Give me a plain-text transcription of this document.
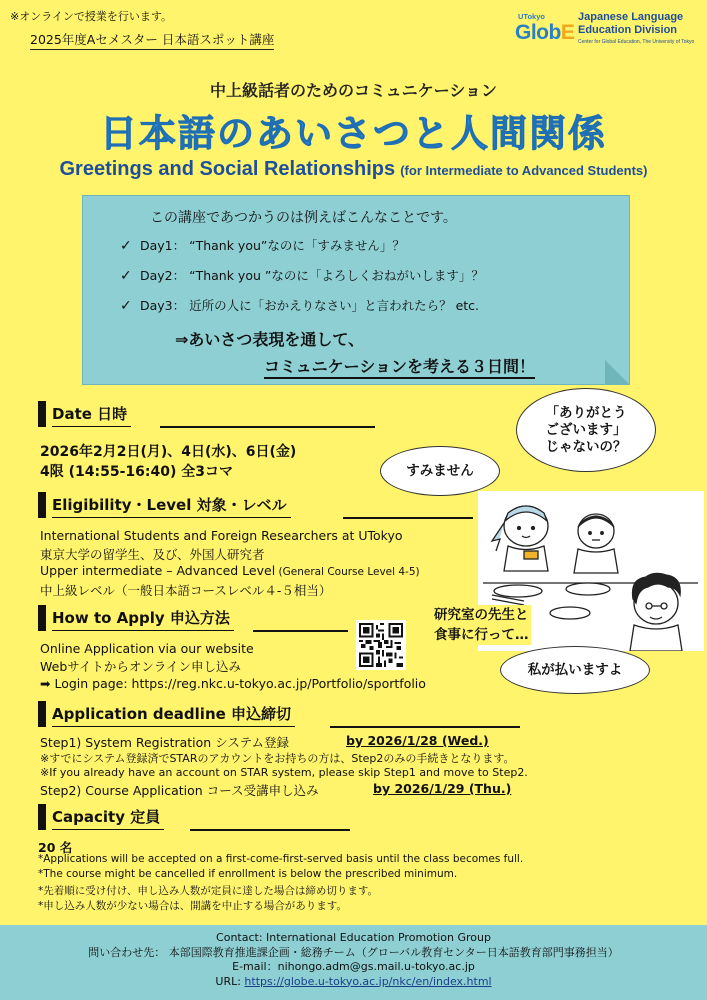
※オンラインで授業を行います。
2025年度Aセメスター 日本語スポット講座
UTokyo
GlobE
Japanese Language
Education Division
Center for Global Education, The University of Tokyo
中上級話者のためのコミュニケーション
日本語のあいさつと人間関係
Greetings and Social Relationships (for Intermediate to Advanced Students)
この講座であつかうのは例えばこんなことです。
✓ Day1： “Thank you”なのに「すみません」？
✓ Day2： “Thank you ”なのに「よろしくおねがいします」？
✓ Day3： 近所の人に「おかえりなさい」と言われたら？ etc.
⇒あいさつ表現を通して、
コミュニケーションを考える３日間！
Date 日時
2026年2月2日(月)、4日(水)、6日(金)
4限 (14:55-16:40) 全3コマ
Eligibility・Level 対象・レベル
International Students and Foreign Researchers at UTokyo
東京大学の留学生、及び、外国人研究者
Upper intermediate – Advanced Level (General Course Level 4-5)
中上級レベル（一般日本語コースレベル４-５相当）
How to Apply 申込方法
Online Application via our website
Webサイトからオンライン申し込み
➡ Login page: https://reg.nkc.u-tokyo.ac.jp/Portfolio/sportfolio
Application deadline 申込締切
Step1) System Registration システム登録	by 2026/1/28 (Wed.)
※すでにシステム登録済でSTARのアカウントをお持ちの方は、Step2のみの手続きとなります。
※If you already have an account on STAR system, please skip Step1 and move to Step2.
Step2) Course Application コース受講申し込み	by 2026/1/29 (Thu.)
Capacity 定員
20 名
*Applications will be accepted on a first-come-first-served basis until the class becomes full.
*The course might be cancelled if enrollment is below the prescribed minimum.
*先着順に受け付け、申し込み人数が定員に達した場合は締め切ります。
*申し込み人数が少ない場合は、開講を中止する場合があります。
「ありがとう
ございます」
じゃないの？
すみません
研究室の先生と
食事に行って…
私が払いますよ
Contact: International Education Promotion Group
問い合わせ先： 本部国際教育推進課企画・総務チーム（グローバル教育センター日本語教育部門事務担当）
E-mail：nihongo.adm@gs.mail.u-tokyo.ac.jp
URL: https://globe.u-tokyo.ac.jp/nkc/en/index.html
